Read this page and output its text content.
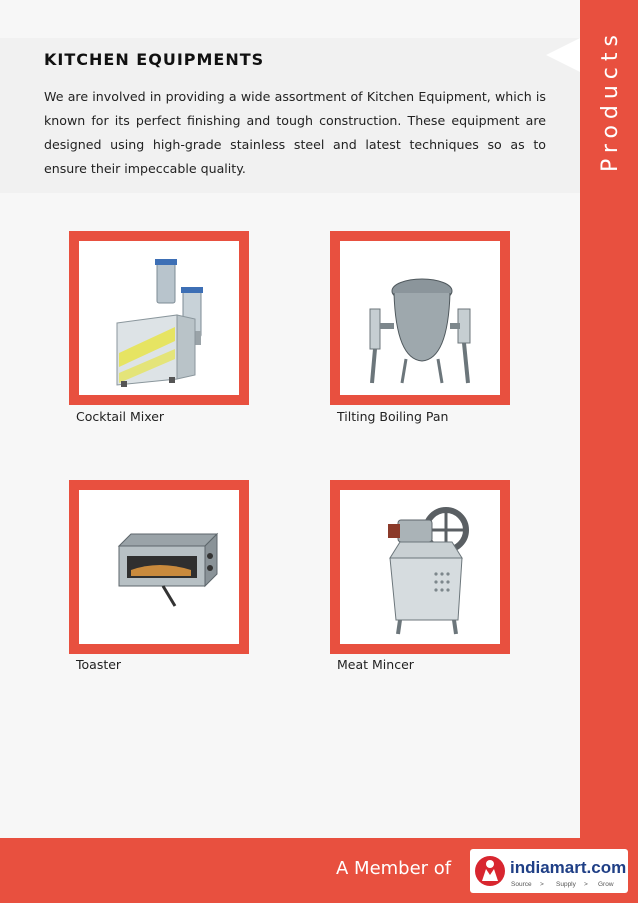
Products
KITCHEN EQUIPMENTS
We are involved in providing a wide assortment of Kitchen Equipment, which is known for its perfect finishing and tough construction. These equipment are designed using high-grade stainless steel and latest techniques so as to ensure their impeccable quality.
Cocktail Mixer	Tilting Boiling Pan
Toaster	Meat Mincer
A Member of	indiamart.com
Source > Supply > Grow
